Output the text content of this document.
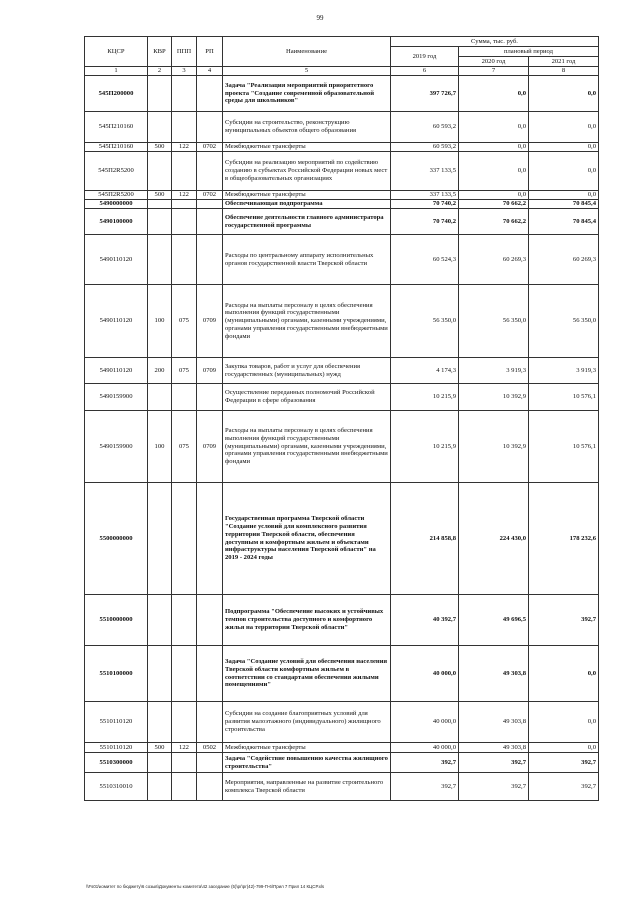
99
КЦСР	КВР	ППП	РП	Наименование	Сумма, тыс. руб.		
					2019 год	плановый период	
						2020 год	2021 год
1	2	3	4	5	6	7	8
545П200000				Задача "Реализация мероприятий приоритетного проекта "Создание современной образовательной среды для школьников"	397 726,7	0,0	0,0
545П210160				Субсидии на строительство, реконструкцию муниципальных объектов общего образования	60 593,2	0,0	0,0
545П210160	500	122	0702	Межбюджетные трансферты	60 593,2	0,0	0,0
545П2R5200				Субсидии на реализацию мероприятий по содействию созданию в субъектах Российской Федерации новых мест в общеобразовательных организациях	337 133,5	0,0	0,0
545П2R5200	500	122	0702	Межбюджетные трансферты	337 133,5	0,0	0,0
5490000000				Обеспечивающая подпрограмма	70 740,2	70 662,2	70 845,4
5490100000				Обеспечение деятельности главного администратора государственной программы	70 740,2	70 662,2	70 845,4
5490110120				Расходы по центральному аппарату исполнительных органов государственной власти Тверской области	60 524,3	60 269,3	60 269,3
5490110120	100	075	0709	Расходы на выплаты персоналу в целях обеспечения выполнения функций государственными (муниципальными) органами, казенными учреждениями, органами управления государственными внебюджетными фондами	56 350,0	56 350,0	56 350,0
5490110120	200	075	0709	Закупка товаров, работ и услуг для обеспечения государственных (муниципальных) нужд	4 174,3	3 919,3	3 919,3
5490159900				Осуществление переданных полномочий Российской Федерации в сфере образования	10 215,9	10 392,9	10 576,1
5490159900	100	075	0709	Расходы на выплаты персоналу в целях обеспечения выполнения функций государственными (муниципальными) органами, казенными учреждениями, органами управления государственными внебюджетными фондами	10 215,9	10 392,9	10 576,1
5500000000				Государственная программа Тверской области "Создание условий для комплексного развития территории Тверской области, обеспечения доступным и комфортным жильем и объектами инфраструктуры населения Тверской области" на 2019 - 2024 годы	214 858,8	224 430,0	178 232,6
5510000000				Подпрограмма "Обеспечение высоких и устойчивых темпов строительства доступного и комфортного жилья на территории Тверской области"	40 392,7	49 696,5	392,7
5510100000				Задача "Создание условий для обеспечения населения Тверской области комфортным жильем в соответствии со стандартами обеспечения жилыми помещениями"	40 000,0	49 303,8	0,0
5510110120				Субсидии на создание благоприятных условий для развития малоэтажного (индивидуального) жилищного строительства	40 000,0	49 303,8	0,0
5510110120	500	122	0502	Межбюджетные трансферты	40 000,0	49 303,8	0,0
5510300000				Задача "Содействие повышению качества жилищного строительства"	392,7	392,7	392,7
5510310010				Мероприятия, направленные на развитие строительного комплекса Тверской области	392,7	392,7	392,7
\\Fs01\комитет по бюджету\6 созыв\Документы комитета\42 заседание (5)\pr\pr(42)-799-П-6\Прил 7 Прил 14 КЦСР.xls
